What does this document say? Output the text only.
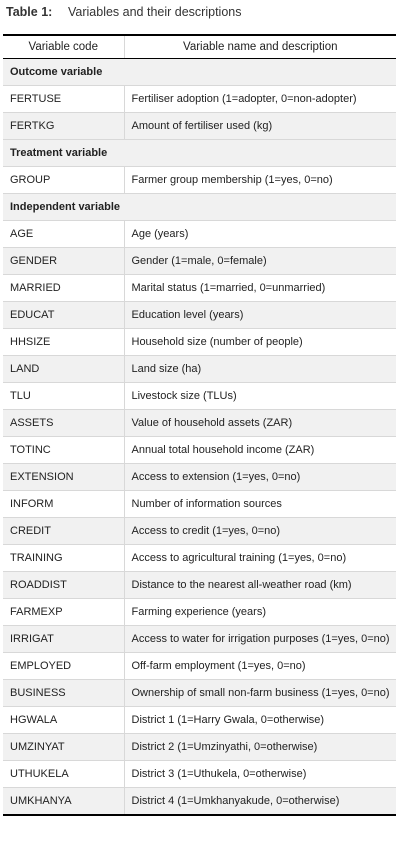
Table 1: Variables and their descriptions
Variable code	Variable name and description
Outcome variable	
FERTUSE	Fertiliser adoption (1=adopter, 0=non-adopter)
FERTKG	Amount of fertiliser used (kg)
Treatment variable	
GROUP	Farmer group membership (1=yes, 0=no)
Independent variable	
AGE	Age (years)
GENDER	Gender (1=male, 0=female)
MARRIED	Marital status (1=married, 0=unmarried)
EDUCAT	Education level (years)
HHSIZE	Household size (number of people)
LAND	Land size (ha)
TLU	Livestock size (TLUs)
ASSETS	Value of household assets (ZAR)
TOTINC	Annual total household income (ZAR)
EXTENSION	Access to extension (1=yes, 0=no)
INFORM	Number of information sources
CREDIT	Access to credit (1=yes, 0=no)
TRAINING	Access to agricultural training (1=yes, 0=no)
ROADDIST	Distance to the nearest all-weather road (km)
FARMEXP	Farming experience (years)
IRRIGAT	Access to water for irrigation purposes (1=yes, 0=no)
EMPLOYED	Off-farm employment (1=yes, 0=no)
BUSINESS	Ownership of small non-farm business (1=yes, 0=no)
HGWALA	District 1 (1=Harry Gwala, 0=otherwise)
UMZINYAT	District 2 (1=Umzinyathi, 0=otherwise)
UTHUKELA	District 3 (1=Uthukela, 0=otherwise)
UMKHANYA	District 4 (1=Umkhanyakude, 0=otherwise)
